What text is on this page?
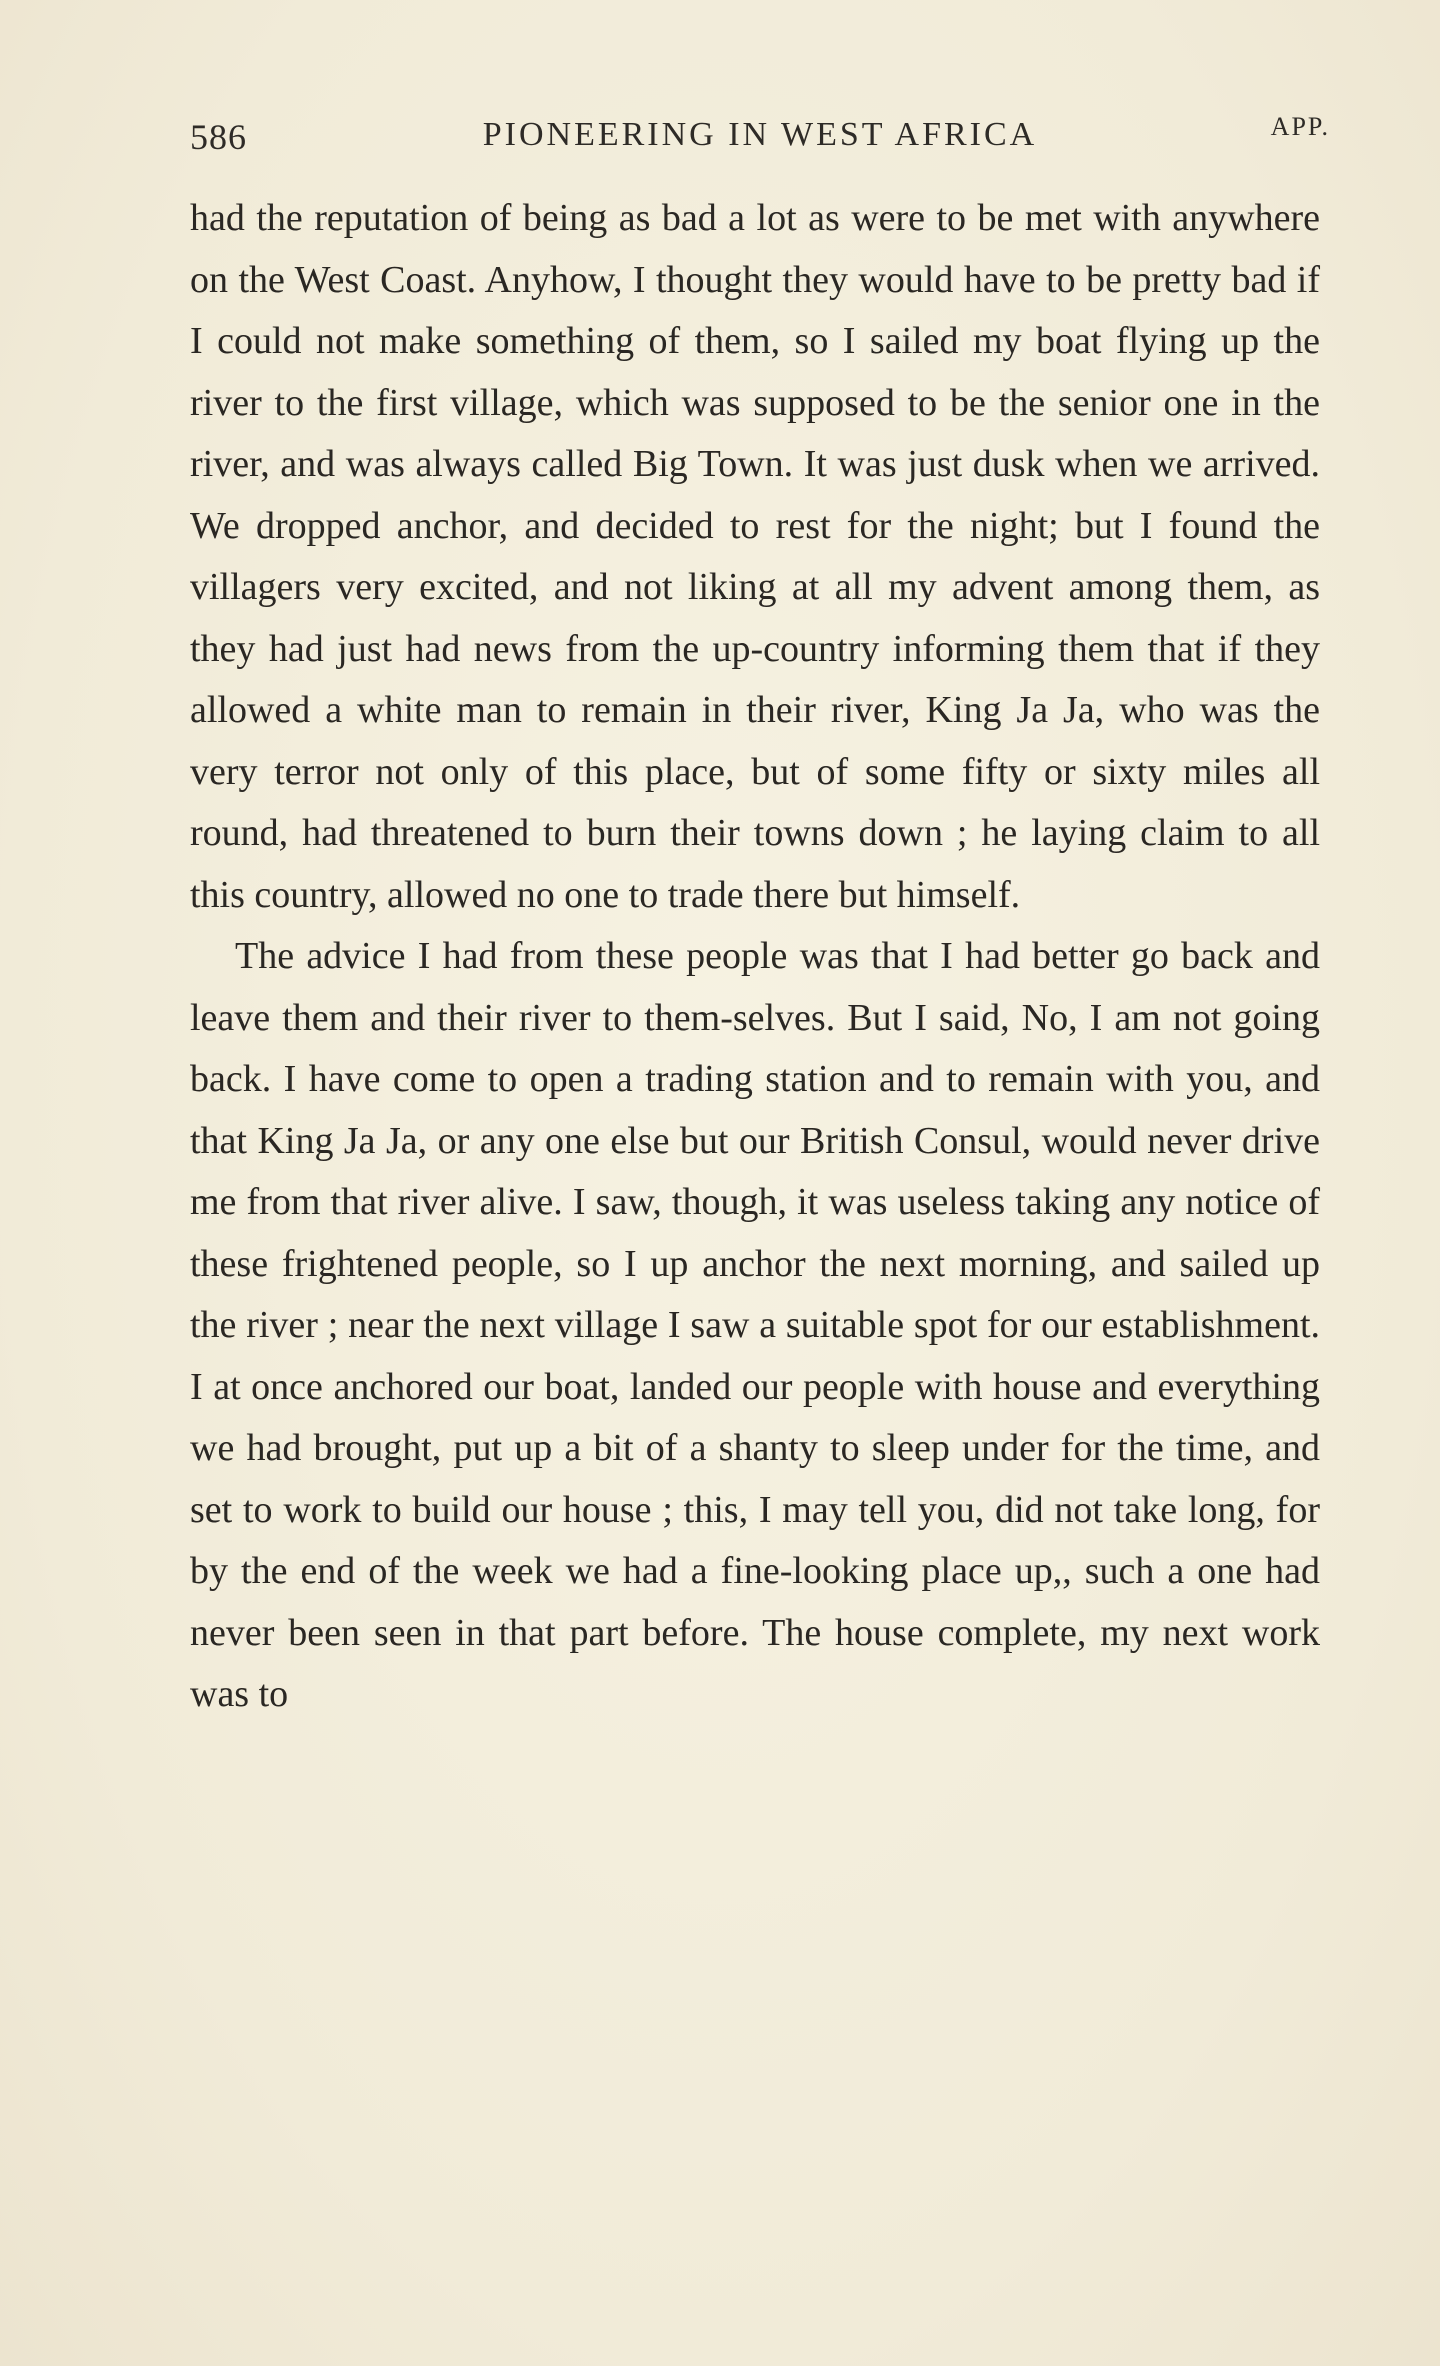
586	PIONEERING IN WEST AFRICA	APP.

had the reputation of being as bad a lot as were to be met with anywhere on the West Coast. Anyhow, I thought they would have to be pretty bad if I could not make something of them, so I sailed my boat flying up the river to the first village, which was supposed to be the senior one in the river, and was always called Big Town. It was just dusk when we arrived. We dropped anchor, and decided to rest for the night; but I found the villagers very excited, and not liking at all my advent among them, as they had just had news from the up-country informing them that if they allowed a white man to remain in their river, King Ja Ja, who was the very terror not only of this place, but of some fifty or sixty miles all round, had threatened to burn their towns down ; he laying claim to all this country, allowed no one to trade there but himself.

The advice I had from these people was that I had better go back and leave them and their river to them-selves. But I said, No, I am not going back. I have come to open a trading station and to remain with you, and that King Ja Ja, or any one else but our British Consul, would never drive me from that river alive. I saw, though, it was useless taking any notice of these frightened people, so I up anchor the next morning, and sailed up the river ; near the next village I saw a suitable spot for our establishment. I at once anchored our boat, landed our people with house and everything we had brought, put up a bit of a shanty to sleep under for the time, and set to work to build our house ; this, I may tell you, did not take long, for by the end of the week we had a fine-looking place up,, such a one had never been seen in that part before. The house complete, my next work was to
